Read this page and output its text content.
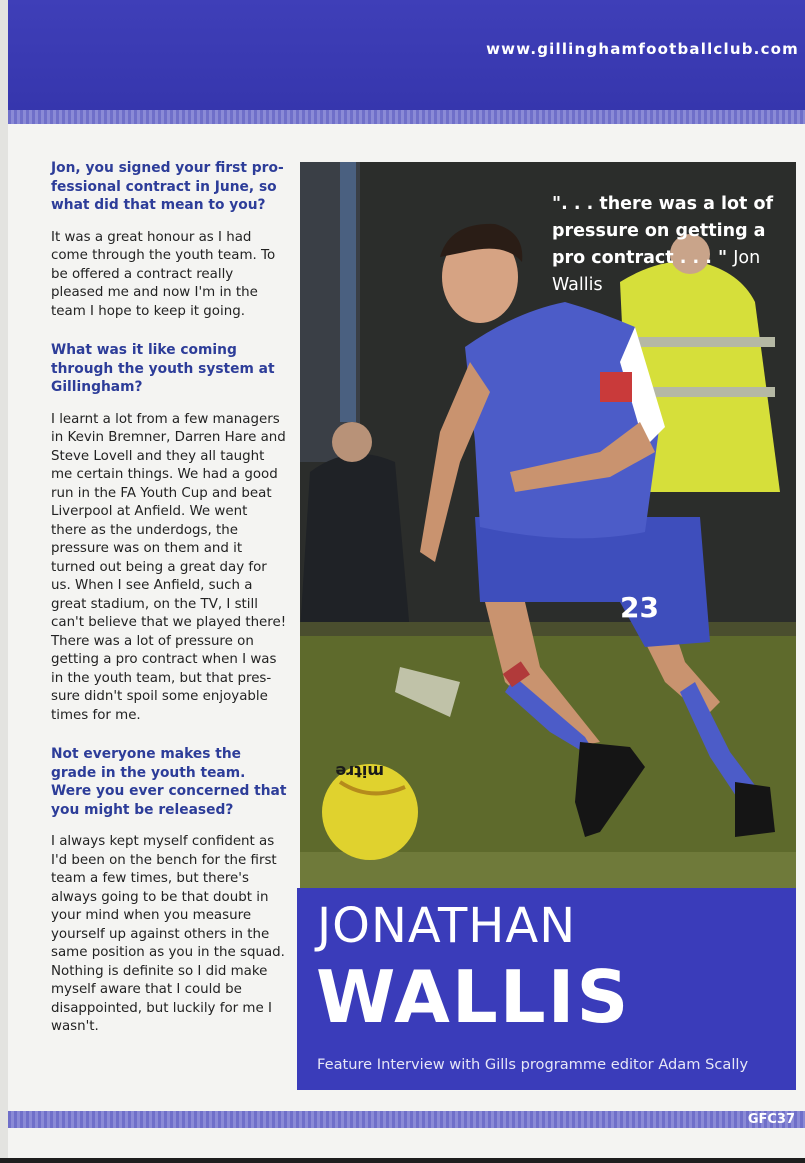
www.gillinghamfootballclub.com

Jon, you signed your first pro-fessional contract in June, so what did that mean to you?

It was a great honour as I had come through the youth team. To be offered a contract really pleased me and now I'm in the team I hope to keep it going.

What was it like coming through the youth system at Gillingham?

I learnt a lot from a few managers in Kevin Bremner, Darren Hare and Steve Lovell and they all taught me certain things. We had a good run in the FA Youth Cup and beat Liverpool at Anfield. We went there as the underdogs, the pressure was on them and it turned out being a great day for us. When I see Anfield, such a great stadium, on the TV, I still can't believe that we played there! There was a lot of pressure on getting a pro contract when I was in the youth team, but that pres-sure didn't spoil some enjoyable times for me.

Not everyone makes the grade in the youth team. Were you ever concerned that you might be released?

I always kept myself confident as I'd been on the bench for the first team a few times, but there's always going to be that doubt in your mind when you measure yourself up against others in the same position as you in the squad.

Nothing is definite so I did make myself aware that I could be disappointed, but luckily for me I wasn't.

23
mitre
". . . there was a lot of pressure on getting a pro contract . . . " Jon Wallis
JONATHAN
WALLIS
Feature Interview with Gills programme editor Adam Scally
GFC37
